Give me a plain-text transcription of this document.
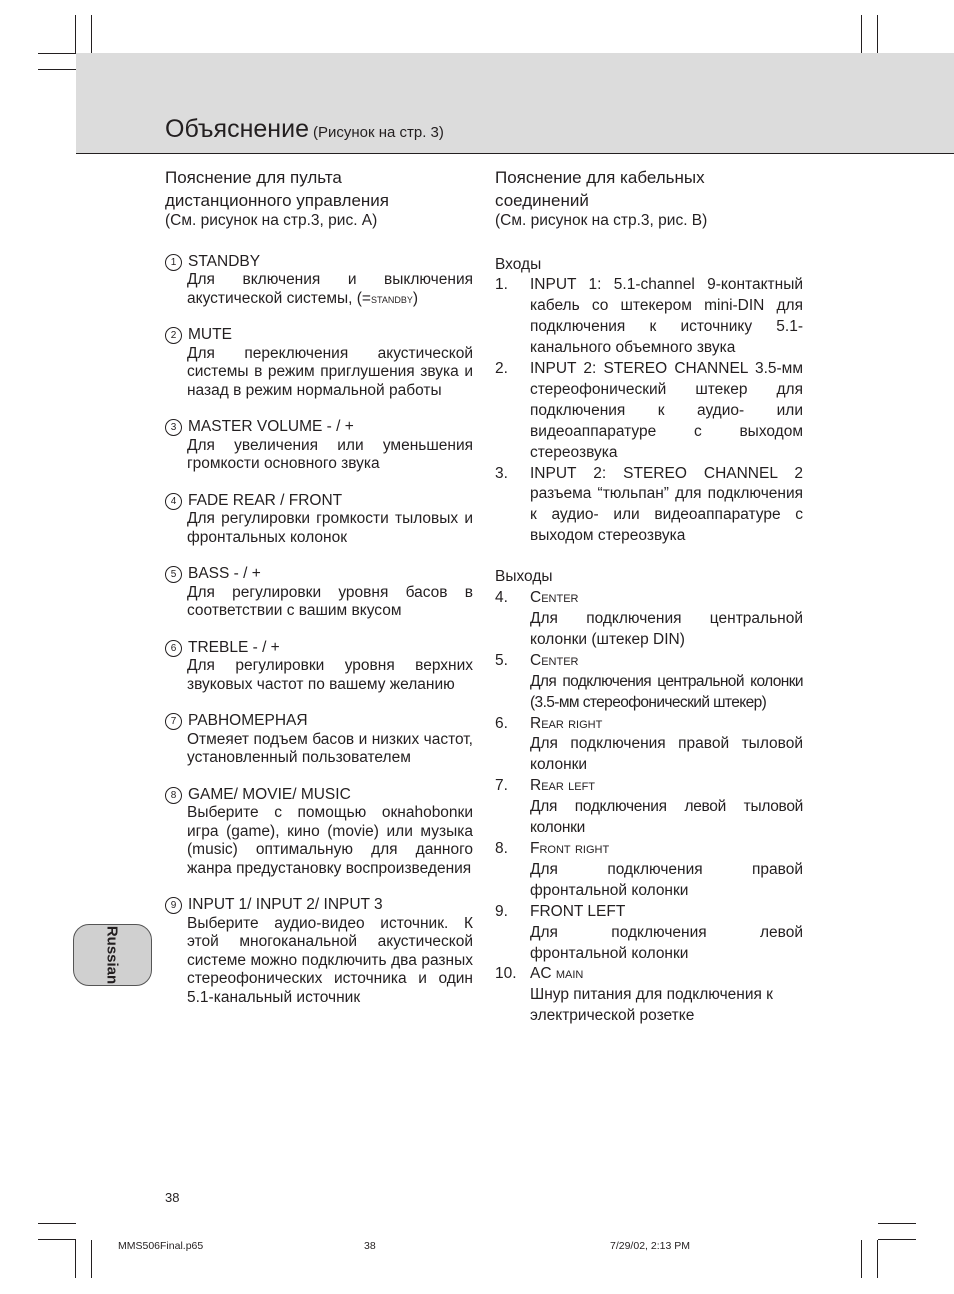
Объяснение (Рисунок на стр. 3)
Пояснение для пульта
дистанционного управления
(См. рисунок на стр.3, рис. A)
1 STANDBY
Для включения и выключения акустической системы, (=standby)
2 MUTE
Для переключения акустической системы в режим приглушения звука и назад в режим нормальной работы
3 MASTER VOLUME - / +
Для увеличения или уменьшения громкости основного звука
4 FADE REAR / FRONT
Для регулировки громкости тыловых и фронтальных колонок
5 BASS - / +
Для регулировки уровня басов в соответствии с вашим вкусом
6 TREBLE - / +
Для регулировки уровня верхних звуковых частот по вашему желанию
7 РАВНОМЕРНАЯ
Отмеяет подъем басов и низких частот, установленный пользователем
8 GAME/ MOVIE/ MUSIC
Выберите с помощью окнаhobonки игра (game), кино (movie) или музыка (music) оптимальную для данного жанра предустановку воспроизведения
9 INPUT 1/ INPUT 2/ INPUT 3
Выберите аудио-видео источник. К этой многоканальной акустической системе можно подключить два разных стереофонических источника и один 5.1-канальный источник
Пояснение для кабельных
соединений
(См. рисунок на стр.3, рис. B)
Входы
1.	INPUT 1: 5.1-channel 9-контактный кабель со штекером mini-DIN для подключения к источнику 5.1-канального объемного звука
2.	INPUT 2: STEREO CHANNEL 3.5-мм стереофонический штекер для подключения к аудио- или видеоаппаратуре с выходом стереозвука
3.	INPUT 2: STEREO CHANNEL 2 разъема “тюльпан” для подключения к аудио- или видеоаппаратуре с выходом стереозвука
Выходы
4.	Center
Для подключения центральной колонки (штекер DIN)
5.	Center
Для подключения центральной колонки (3.5-мм стереофонический штекер)
6.	Rear right
Для подключения правой тыловой колонки
7.	Rear left
Для подключения левой тыловой колонки
8.	Front right
Для подключения правой фронтальной колонки
9.	FRONT LEFT
Для подключения левой фронтальной колонки
10. AC main
Шнур питания для подключения к электрической розетке
Russian
38
MMS506Final.p65	38	7/29/02, 2:13 PM
